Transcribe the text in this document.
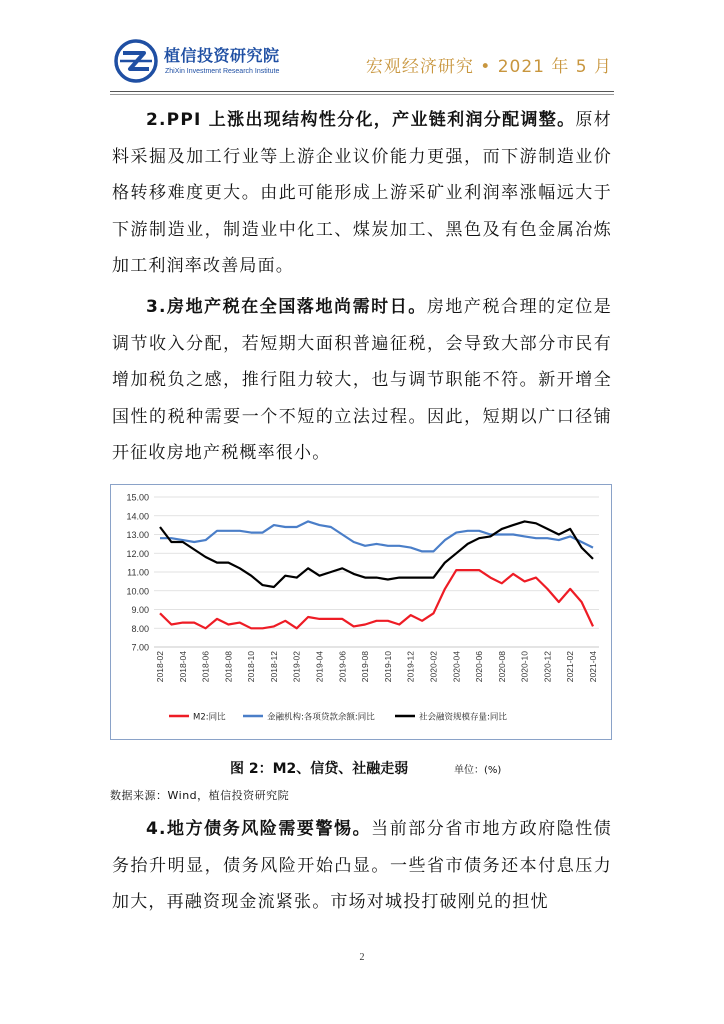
植信投资研究院
ZhiXin Investment Research Institute	宏观经济研究 • 2021 年 5 月
2.PPI 上涨出现结构性分化，产业链利润分配调整。原材料采掘及加工行业等上游企业议价能力更强，而下游制造业价格转移难度更大。由此可能形成上游采矿业利润率涨幅远大于下游制造业，制造业中化工、煤炭加工、黑色及有色金属冶炼加工利润率改善局面。
3.房地产税在全国落地尚需时日。房地产税合理的定位是调节收入分配，若短期大面积普遍征税，会导致大部分市民有增加税负之感，推行阻力较大，也与调节职能不符。新开增全国性的税种需要一个不短的立法过程。因此，短期以广口径铺开征收房地产税概率很小。
15.00
14.00
13.00
12.00
11.00
10.00
9.00
8.00
7.00
2018-02 2018-04 2018-06 2018-08 2018-10 2018-12 2019-02 2019-04 2019-06 2019-08 2019-10 2019-12 2020-02 2020-04 2020-06 2020-08 2020-10 2020-12 2021-02 2021-04
M2:同比	金融机构:各项贷款余额:同比	社会融资规模存量:同比
图 2：M2、信贷、社融走弱	单位：(%)
数据来源：Wind，植信投资研究院
4.地方债务风险需要警惕。当前部分省市地方政府隐性债务抬升明显，债务风险开始凸显。一些省市债务还本付息压力加大，再融资现金流紧张。市场对城投打破刚兑的担忧
2
